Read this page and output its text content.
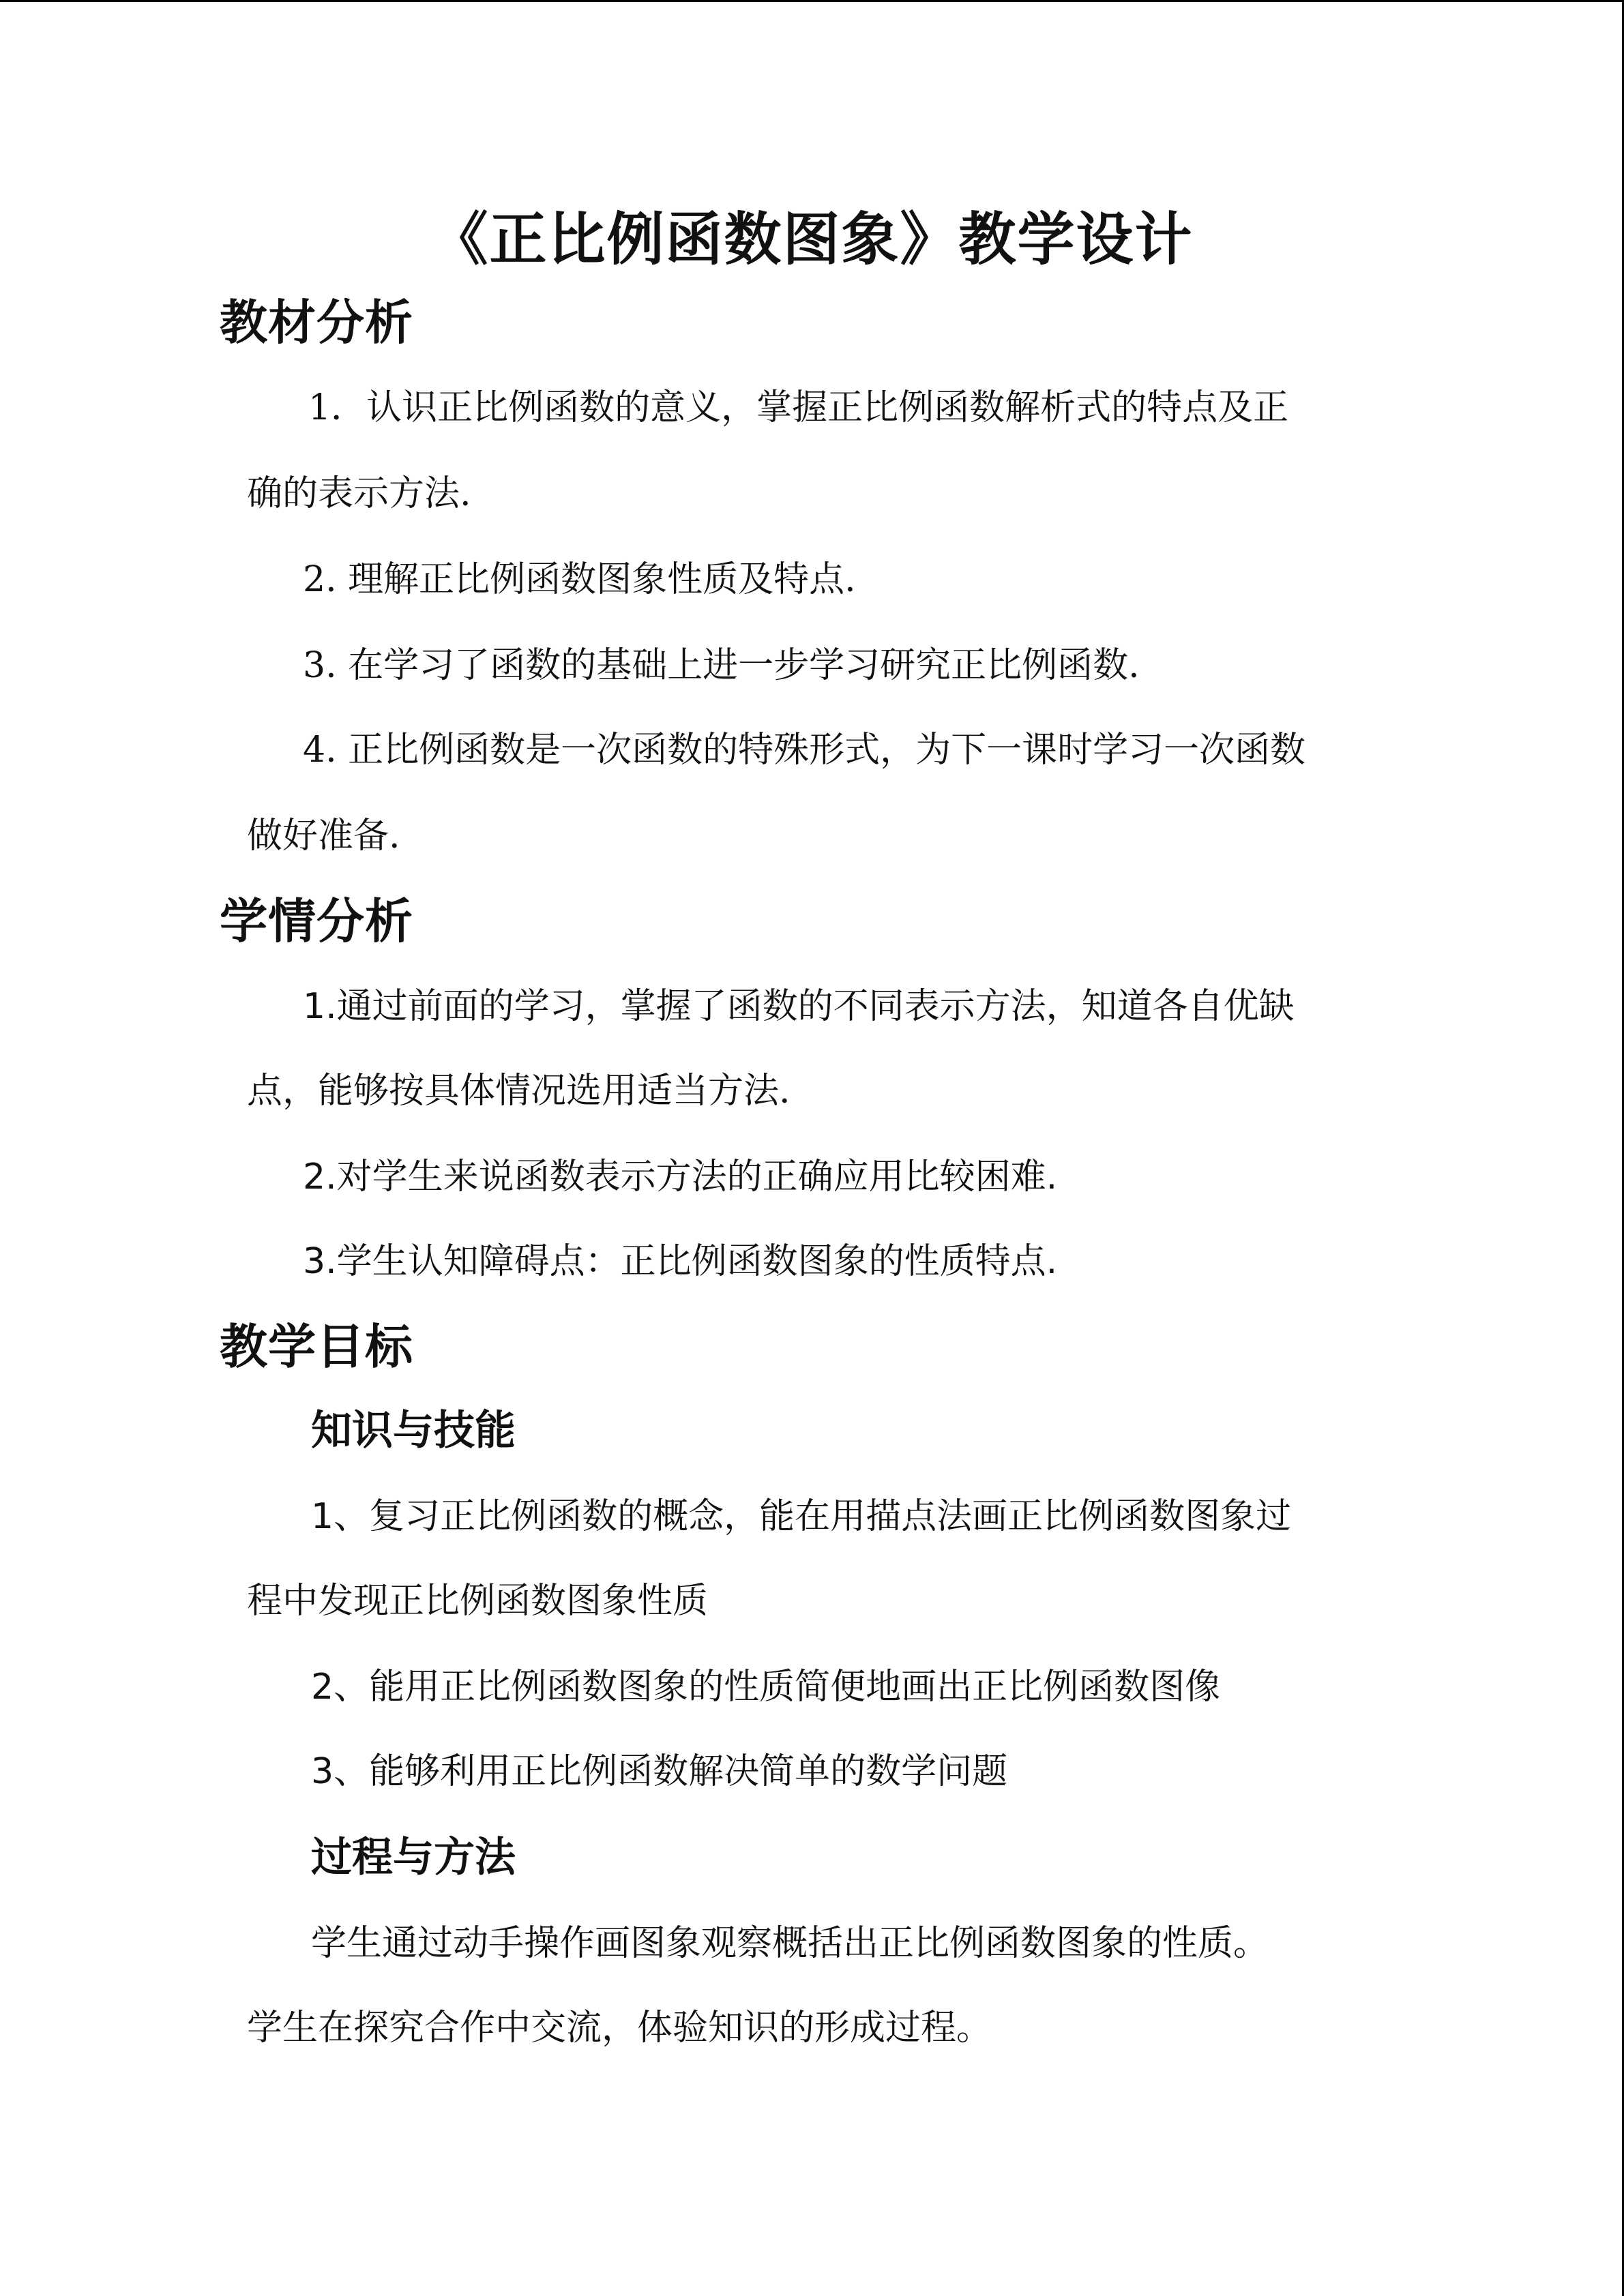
《正比例函数图象》教学设计
教材分析
1．认识正比例函数的意义，掌握正比例函数解析式的特点及正
确的表示方法.
2. 理解正比例函数图象性质及特点.
3. 在学习了函数的基础上进一步学习研究正比例函数.
4. 正比例函数是一次函数的特殊形式，为下一课时学习一次函数
做好准备.
学情分析
1.通过前面的学习，掌握了函数的不同表示方法，知道各自优缺
点，能够按具体情况选用适当方法.
2.对学生来说函数表示方法的正确应用比较困难.
3.学生认知障碍点：正比例函数图象的性质特点.
教学目标
知识与技能
1、复习正比例函数的概念，能在用描点法画正比例函数图象过
程中发现正比例函数图象性质
2、能用正比例函数图象的性质简便地画出正比例函数图像
3、能够利用正比例函数解决简单的数学问题
过程与方法
学生通过动手操作画图象观察概括出正比例函数图象的性质。
学生在探究合作中交流，体验知识的形成过程。
